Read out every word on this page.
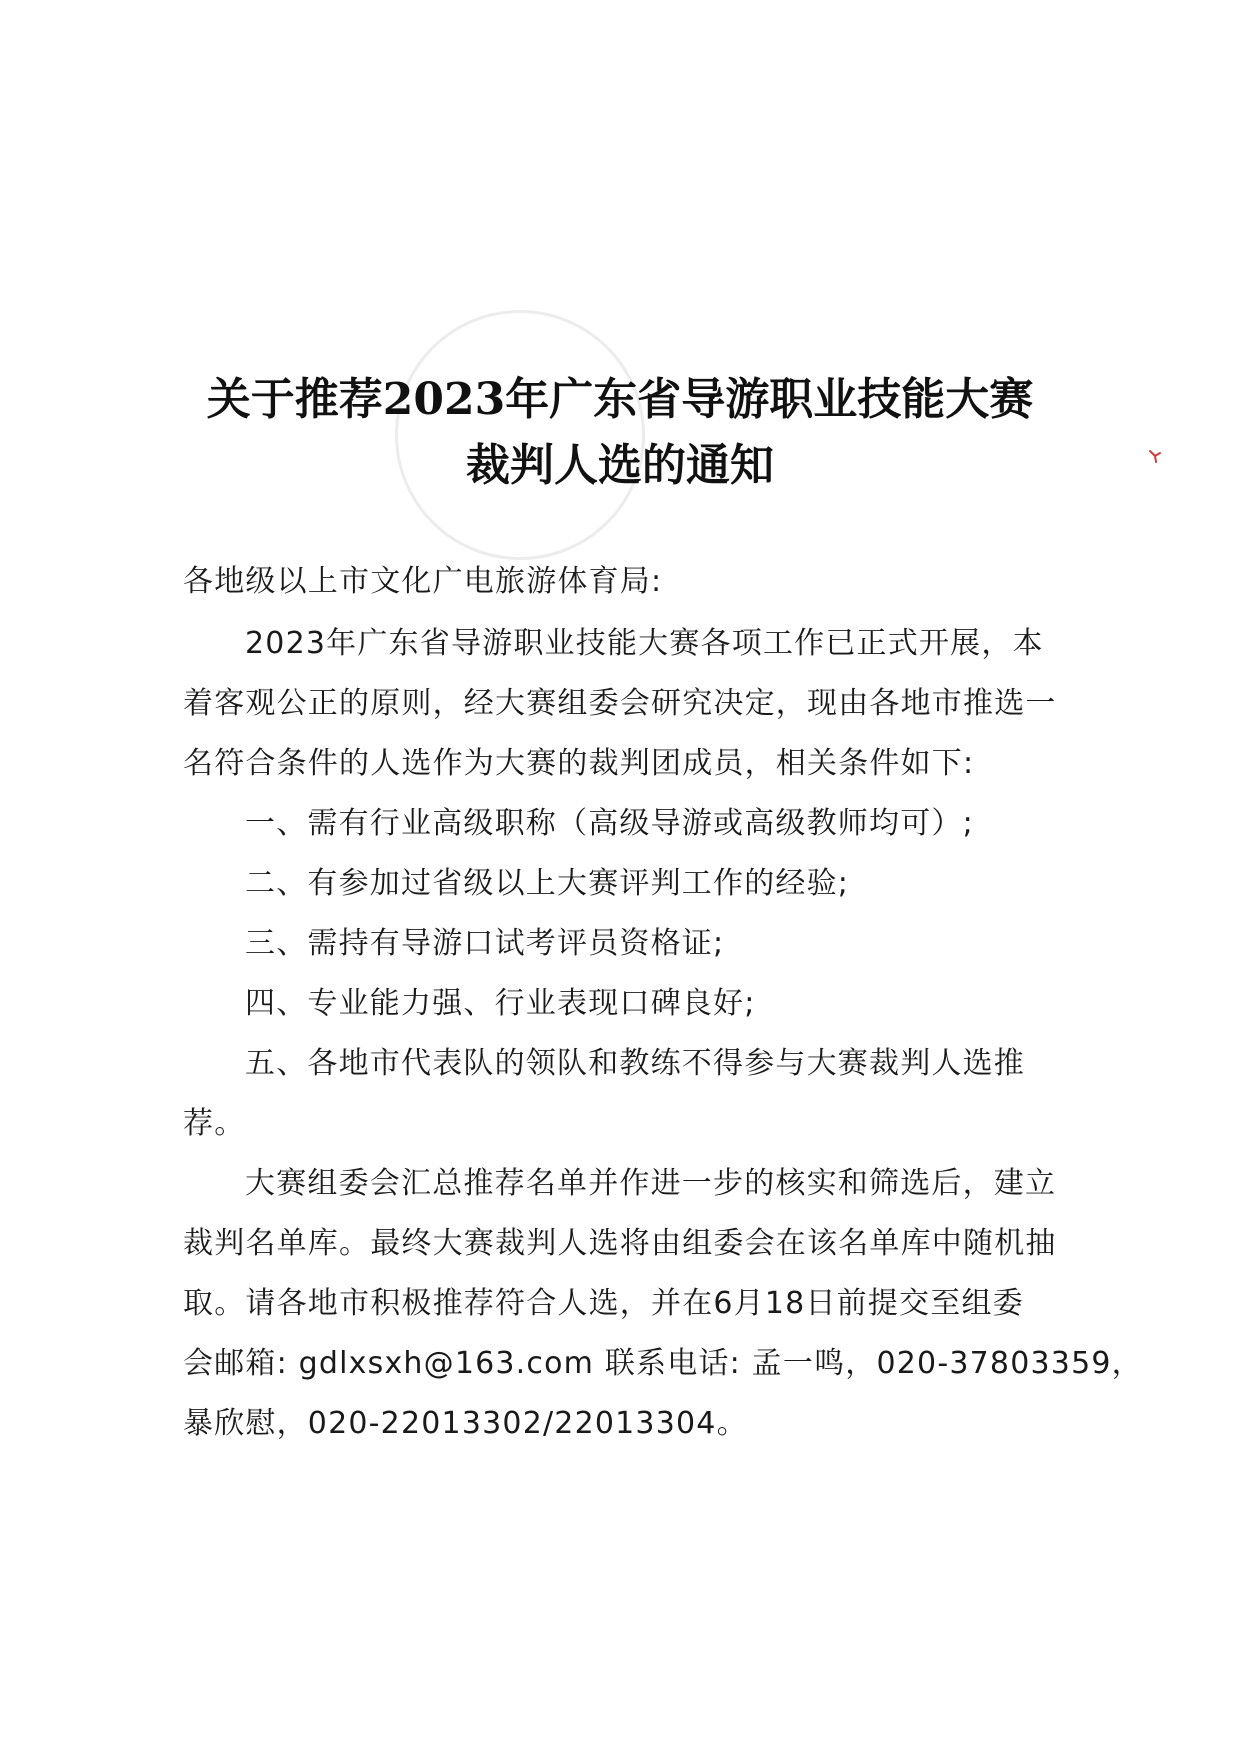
关于推荐2023年广东省导游职业技能大赛
裁判人选的通知
各地级以上市文化广电旅游体育局:
2023年广东省导游职业技能大赛各项工作已正式开展，本
着客观公正的原则，经大赛组委会研究决定，现由各地市推选一
名符合条件的人选作为大赛的裁判团成员，相关条件如下:
一、需有行业高级职称（高级导游或高级教师均可）;
二、有参加过省级以上大赛评判工作的经验;
三、需持有导游口试考评员资格证;
四、专业能力强、行业表现口碑良好;
五、各地市代表队的领队和教练不得参与大赛裁判人选推
荐。
大赛组委会汇总推荐名单并作进一步的核实和筛选后，建立
裁判名单库。最终大赛裁判人选将由组委会在该名单库中随机抽
取。请各地市积极推荐符合人选，并在6月18日前提交至组委
会邮箱: gdlxsxh@163.com 联系电话: 孟一鸣，020-37803359，
暴欣慰，020-22013302/22013304。
